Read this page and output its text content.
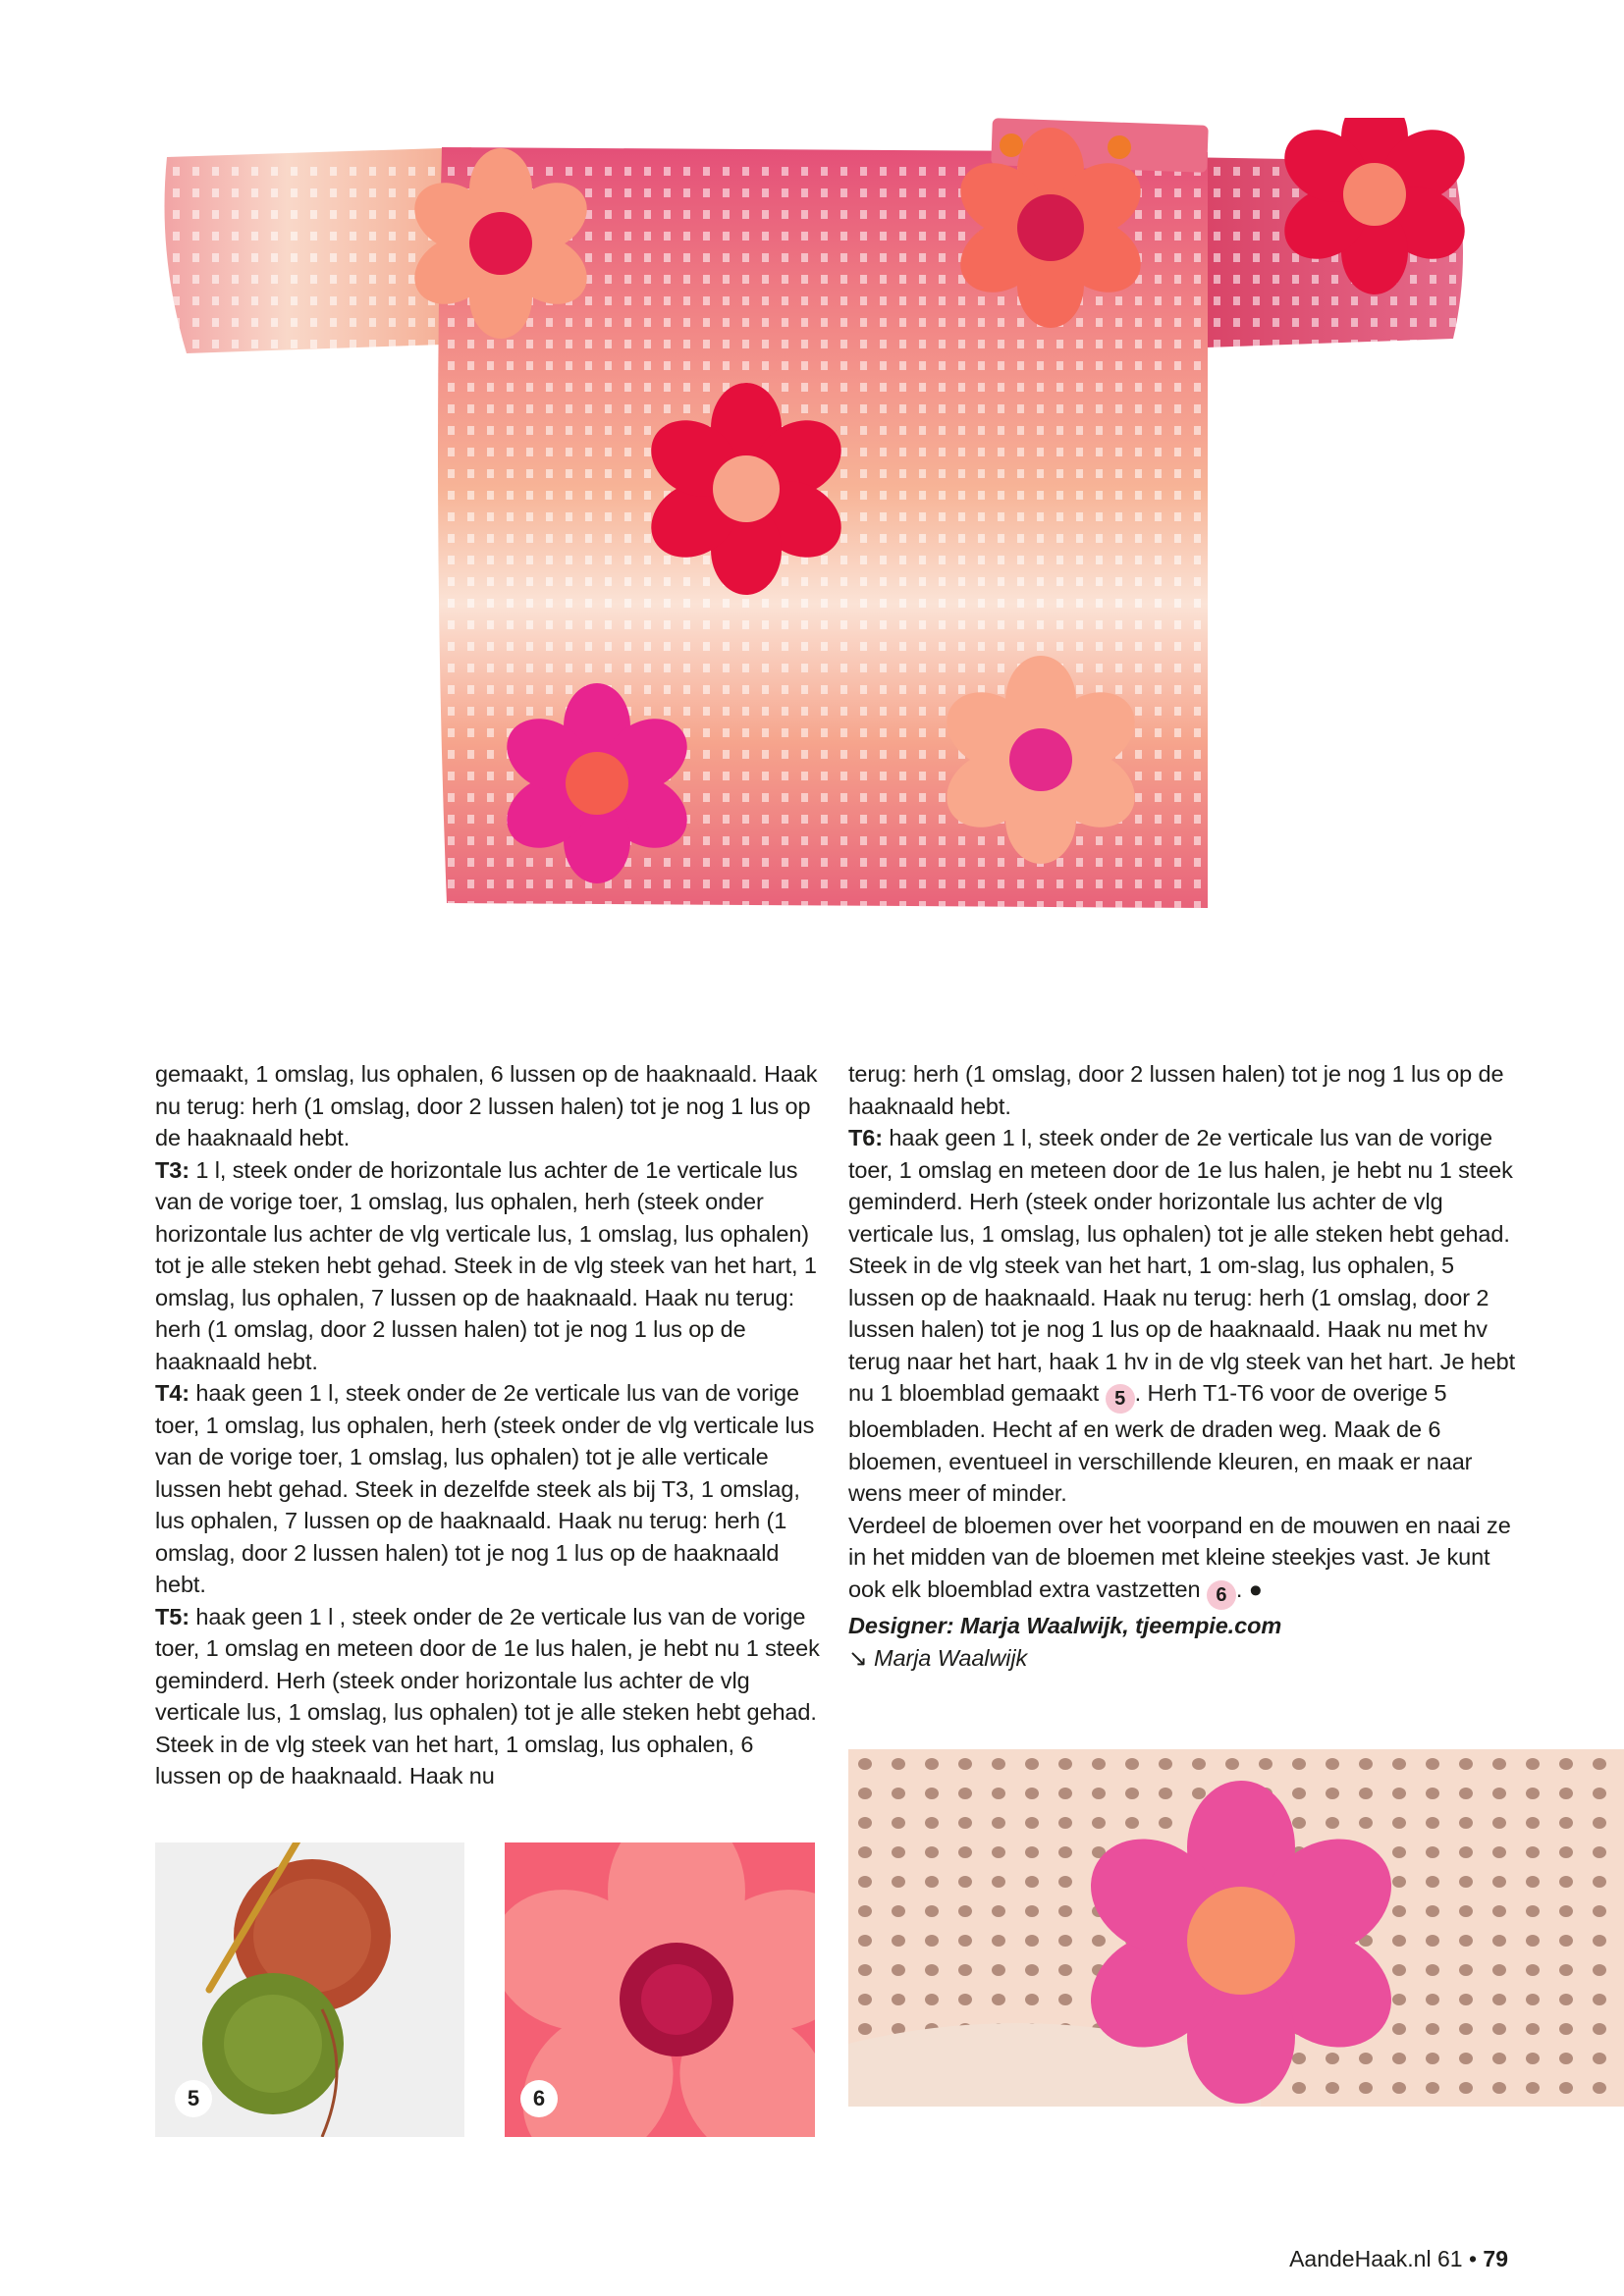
gemaakt, 1 omslag, lus ophalen, 6 lussen op de haaknaald. Haak nu terug: herh (1 omslag, door 2 lussen halen) tot je nog 1 lus op de haaknaald hebt.

T3: 1 l, steek onder de horizontale lus achter de 1e verticale lus van de vorige toer, 1 omslag, lus ophalen, herh (steek onder horizontale lus achter de vlg verticale lus, 1 omslag, lus ophalen) tot je alle steken hebt gehad. Steek in de vlg steek van het hart, 1 omslag, lus ophalen, 7 lussen op de haaknaald. Haak nu terug: herh (1 omslag, door 2 lussen halen) tot je nog 1 lus op de haaknaald hebt.

T4: haak geen 1 l, steek onder de 2e verticale lus van de vorige toer, 1 omslag, lus ophalen, herh (steek onder de vlg verticale lus van de vorige toer, 1 omslag, lus ophalen) tot je alle verticale lussen hebt gehad. Steek in dezelfde steek als bij T3, 1 omslag, lus ophalen, 7 lussen op de haaknaald. Haak nu terug: herh (1 omslag, door 2 lussen halen) tot je nog 1 lus op de haaknaald hebt.

T5: haak geen 1 l , steek onder de 2e verticale lus van de vorige toer, 1 omslag en meteen door de 1e lus halen, je hebt nu 1 steek geminderd. Herh (steek onder horizontale lus achter de vlg verticale lus, 1 omslag, lus ophalen) tot je alle steken hebt gehad. Steek in de vlg steek van het hart, 1 omslag, lus ophalen, 6 lussen op de haaknaald. Haak nu

terug: herh (1 omslag, door 2 lussen halen) tot je nog 1 lus op de haaknaald hebt.

T6: haak geen 1 l, steek onder de 2e verticale lus van de vorige toer, 1 omslag en meteen door de 1e lus halen, je hebt nu 1 steek geminderd. Herh (steek onder horizontale lus achter de vlg verticale lus, 1 omslag, lus ophalen) tot je alle steken hebt gehad. Steek in de vlg steek van het hart, 1 om-slag, lus ophalen, 5 lussen op de haaknaald. Haak nu terug: herh (1 omslag, door 2 lussen halen) tot je nog 1 lus op de haaknaald. Haak nu met hv terug naar het hart, haak 1 hv in de vlg steek van het hart. Je hebt nu 1 bloemblad gemaakt 5 . Herh T1-T6 voor de overige 5 bloembladen. Hecht af en werk de draden weg. Maak de 6 bloemen, eventueel in verschillende kleuren, en maak er naar wens meer of minder.

Verdeel de bloemen over het voorpand en de mouwen en naai ze in het midden van de bloemen met kleine steekjes vast. Je kunt ook elk bloemblad extra vastzetten 6 . ●

Designer: Marja Waalwijk, tjeempie.com

↘ Marja Waalwijk

5	6
AandeHaak.nl 61 • 79
